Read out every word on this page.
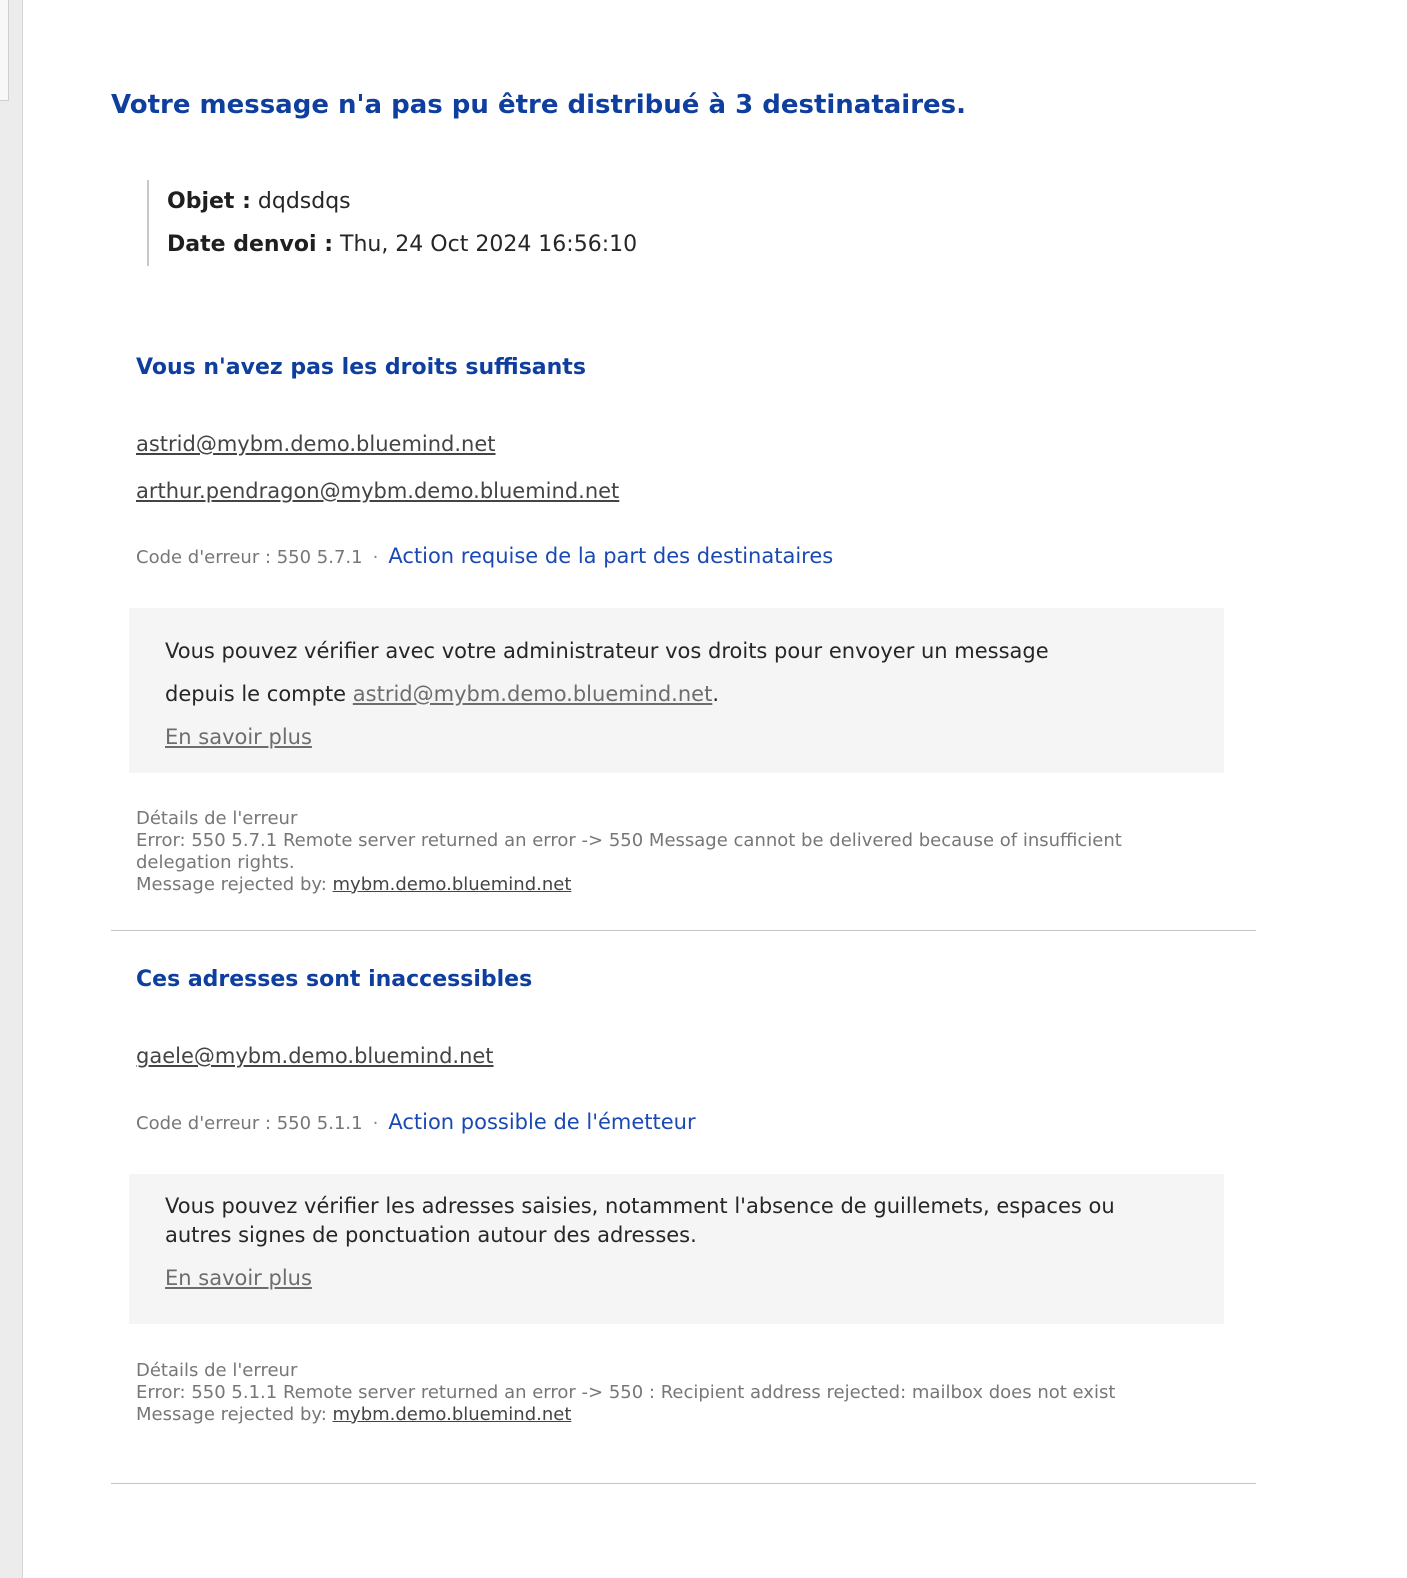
Votre message n'a pas pu être distribué à 3 destinataires.
Objet : dqdsdqs
Date denvoi : Thu, 24 Oct 2024 16:56:10
Vous n'avez pas les droits suffisants
astrid@mybm.demo.bluemind.net
arthur.pendragon@mybm.demo.bluemind.net
Code d'erreur : 550 5.7.1 · Action requise de la part des destinataires
Vous pouvez vérifier avec votre administrateur vos droits pour envoyer un message depuis le compte astrid@mybm.demo.bluemind.net.
En savoir plus
Détails de l'erreur
Error: 550 5.7.1 Remote server returned an error -> 550 Message cannot be delivered because of insufficient delegation rights.
Message rejected by: mybm.demo.bluemind.net
Ces adresses sont inaccessibles
gaele@mybm.demo.bluemind.net
Code d'erreur : 550 5.1.1 · Action possible de l'émetteur
Vous pouvez vérifier les adresses saisies, notamment l'absence de guillemets, espaces ou autres signes de ponctuation autour des adresses.
En savoir plus
Détails de l'erreur
Error: 550 5.1.1 Remote server returned an error -> 550 : Recipient address rejected: mailbox does not exist
Message rejected by: mybm.demo.bluemind.net
